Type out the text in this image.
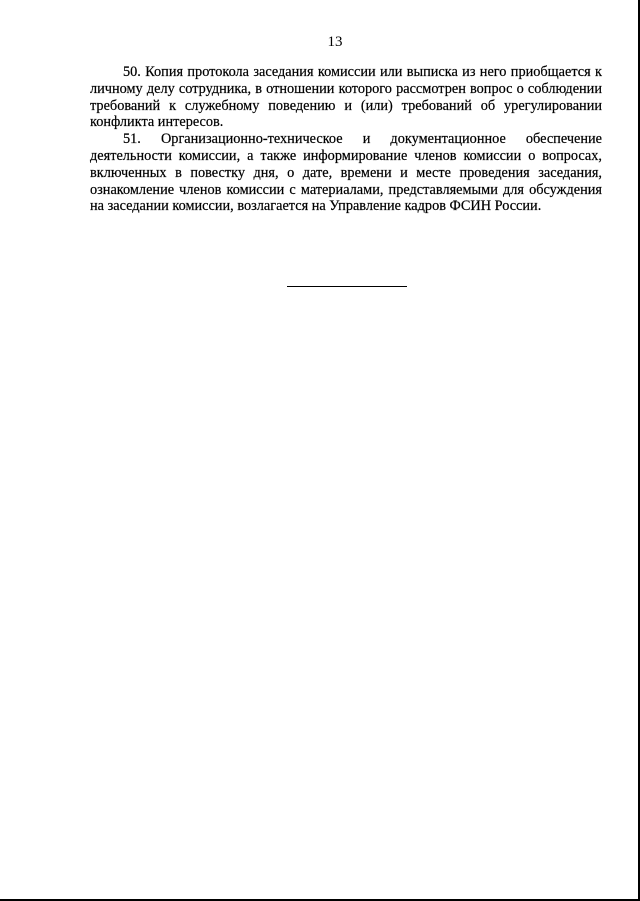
13

50. Копия протокола заседания комиссии или выписка из него приобщается к личному делу сотрудника, в отношении которого рассмотрен вопрос о соблюдении требований к служебному поведению и (или) требований об урегулировании конфликта интересов.

51. Организационно-техническое и документационное обеспечение деятельности комиссии, а также информирование членов комиссии о вопросах, включенных в повестку дня, о дате, времени и месте проведения заседания, ознакомление членов комиссии с материалами, представляемыми для обсуждения на заседании комиссии, возлагается на Управление кадров ФСИН России.
